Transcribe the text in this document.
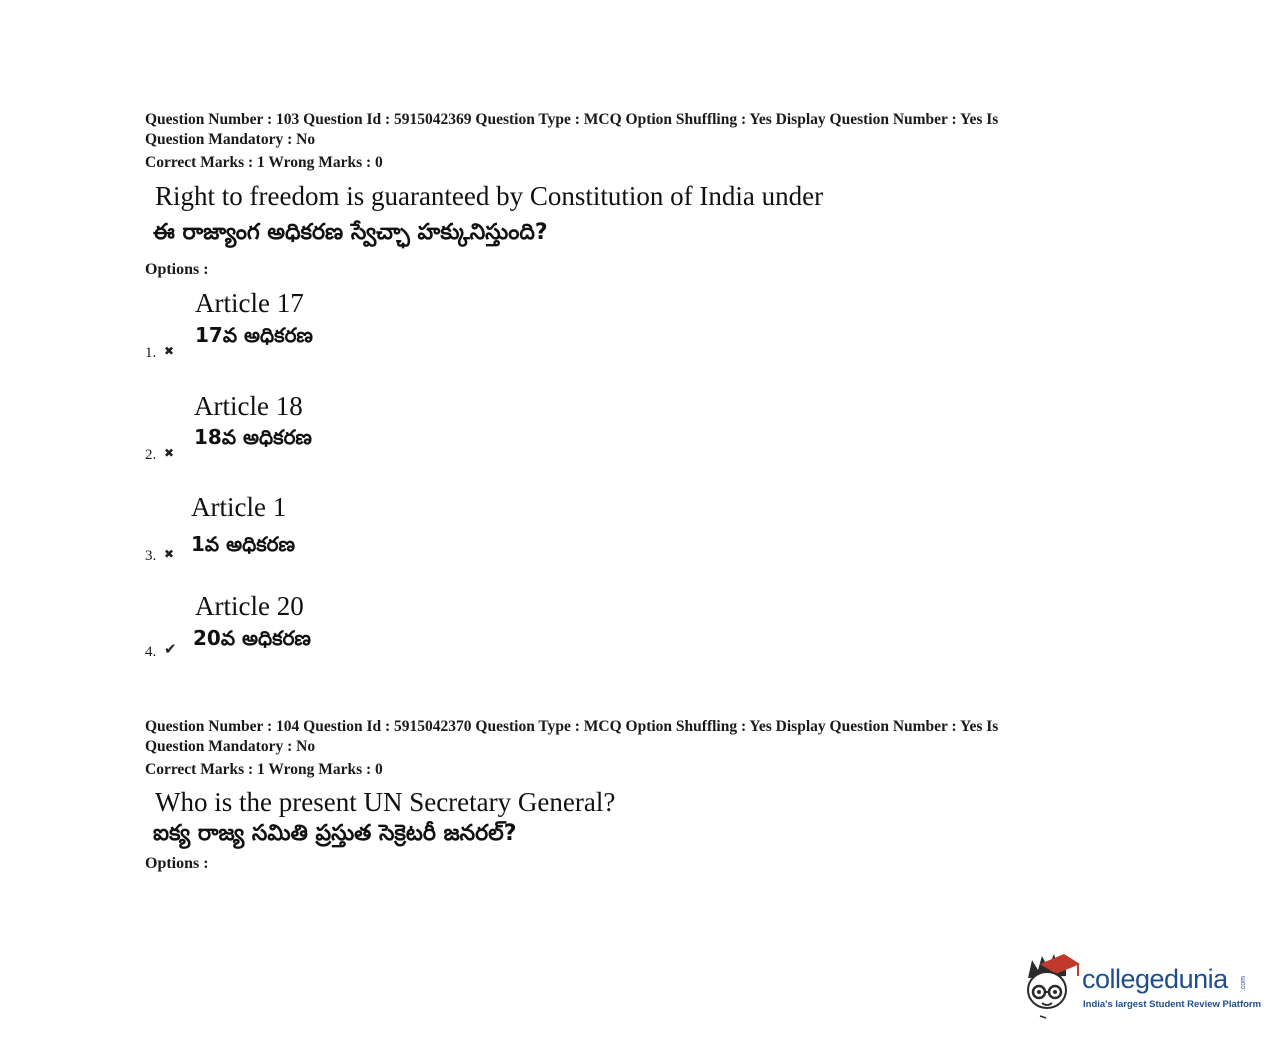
Question Number : 103 Question Id : 5915042369 Question Type : MCQ Option Shuffling : Yes Display Question Number : Yes Is
Question Mandatory : No
Correct Marks : 1 Wrong Marks : 0
Right to freedom is guaranteed by Constitution of India under
ఈ రాజ్యాంగ అధికరణ స్వేచ్ఛా హక్కునిస్తుంది?
Options :
Article 17
17వ అధికరణ
1. ✖
Article 18
18వ అధికరణ
2. ✖
Article 1
1వ అధికరణ
3. ✖
Article 20
20వ అధికరణ
4. ✔
Question Number : 104 Question Id : 5915042370 Question Type : MCQ Option Shuffling : Yes Display Question Number : Yes Is
Question Mandatory : No
Correct Marks : 1 Wrong Marks : 0
Who is the present UN Secretary General?
ఐక్య రాజ్య సమితి ప్రస్తుత సెక్రెటరీ జనరల్?
Options :
collegedunia .com
India's largest Student Review Platform
